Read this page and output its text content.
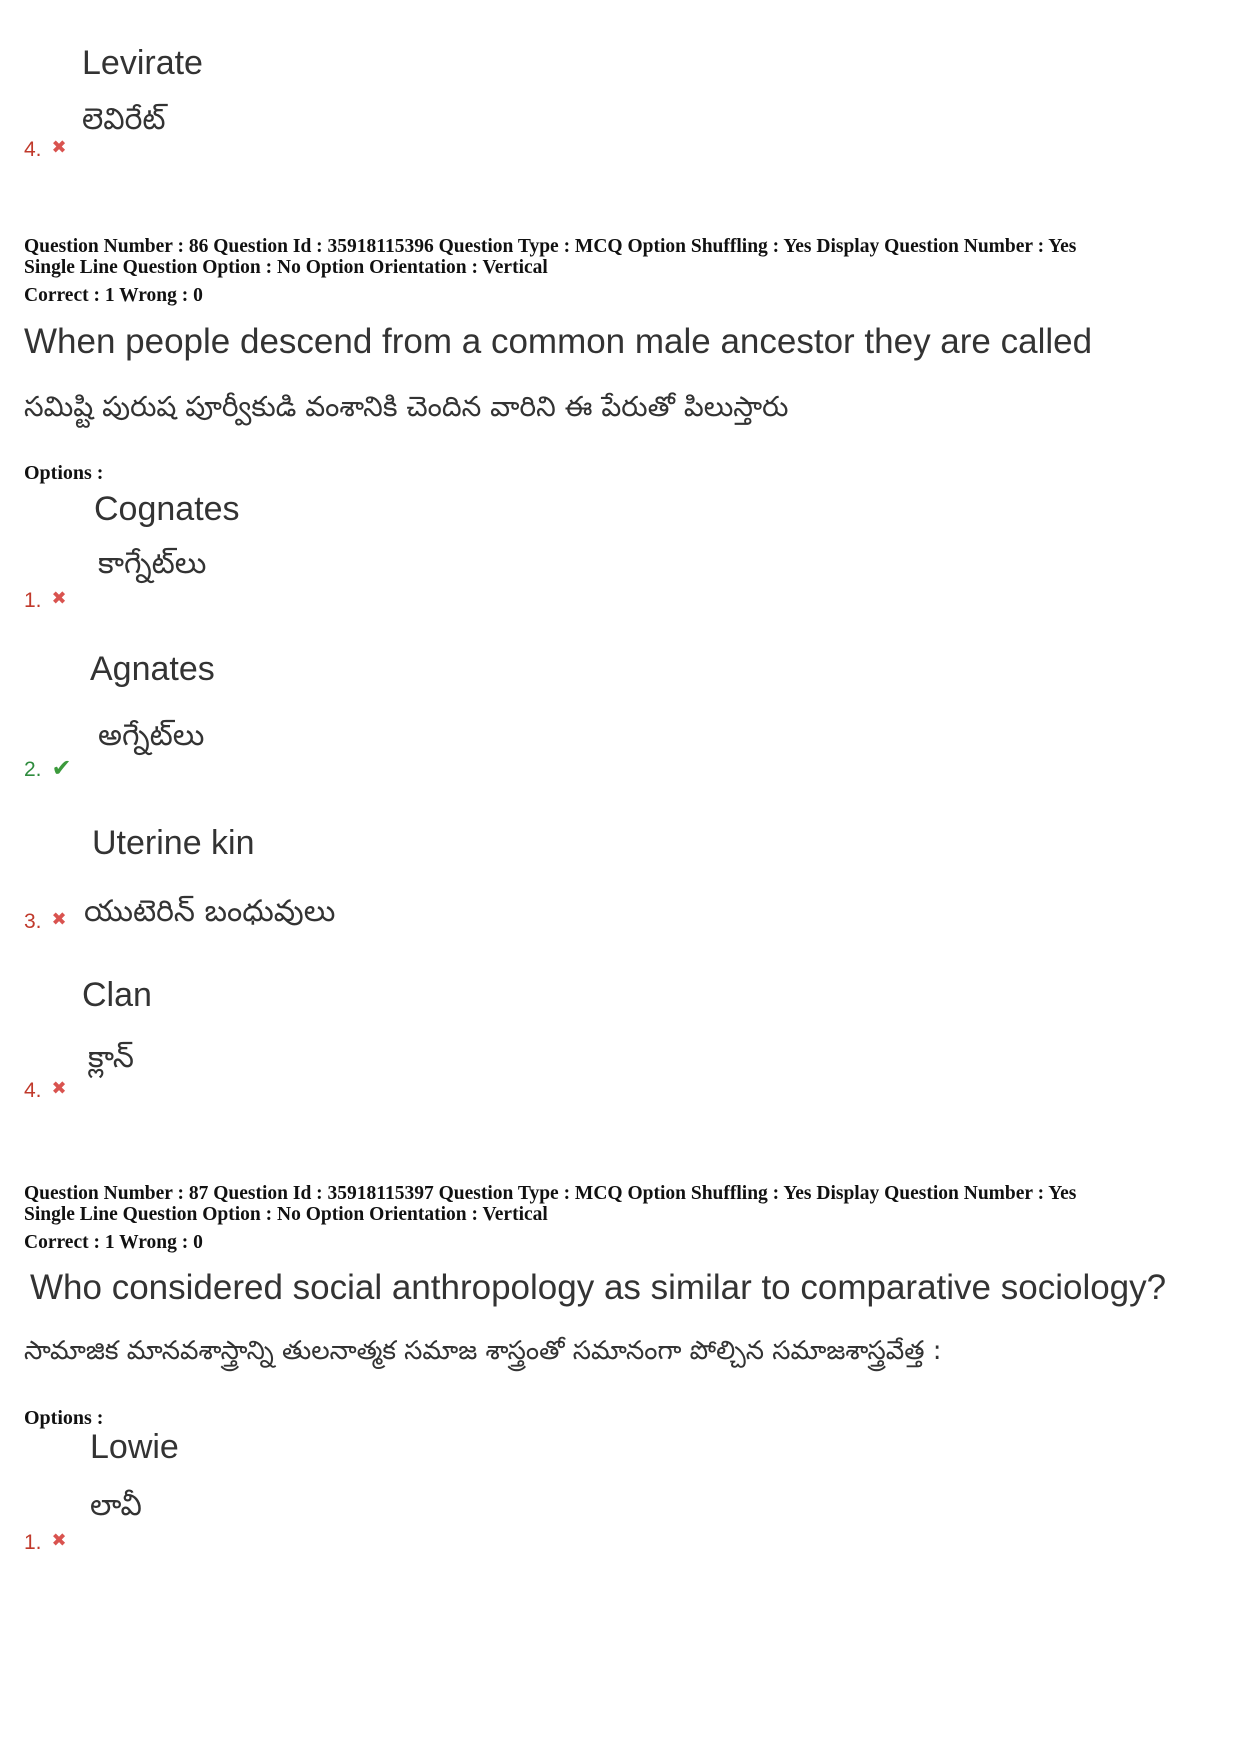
Levirate
లెవిరేట్
4. ✖
Question Number : 86 Question Id : 35918115396 Question Type : MCQ Option Shuffling : Yes Display Question Number : Yes
Single Line Question Option : No Option Orientation : Vertical
Correct : 1 Wrong : 0
When people descend from a common male ancestor they are called
సమిష్టి పురుష పూర్వీకుడి వంశానికి చెందిన వారిని ఈ పేరుతో పిలుస్తారు
Options :
Cognates
కాగ్నేట్‌లు
1. ✖
Agnates
అగ్నేట్‌లు
2. ✔
Uterine kin
3. ✖ యుటెరిన్ బంధువులు
Clan
క్లాన్
4. ✖
Question Number : 87 Question Id : 35918115397 Question Type : MCQ Option Shuffling : Yes Display Question Number : Yes
Single Line Question Option : No Option Orientation : Vertical
Correct : 1 Wrong : 0
Who considered social anthropology as similar to comparative sociology?
సామాజిక మానవశాస్త్రాన్ని తులనాత్మక సమాజ శాస్త్రంతో సమానంగా పోల్చిన సమాజశాస్త్రవేత్త :
Options :
Lowie
లావీ
1. ✖
